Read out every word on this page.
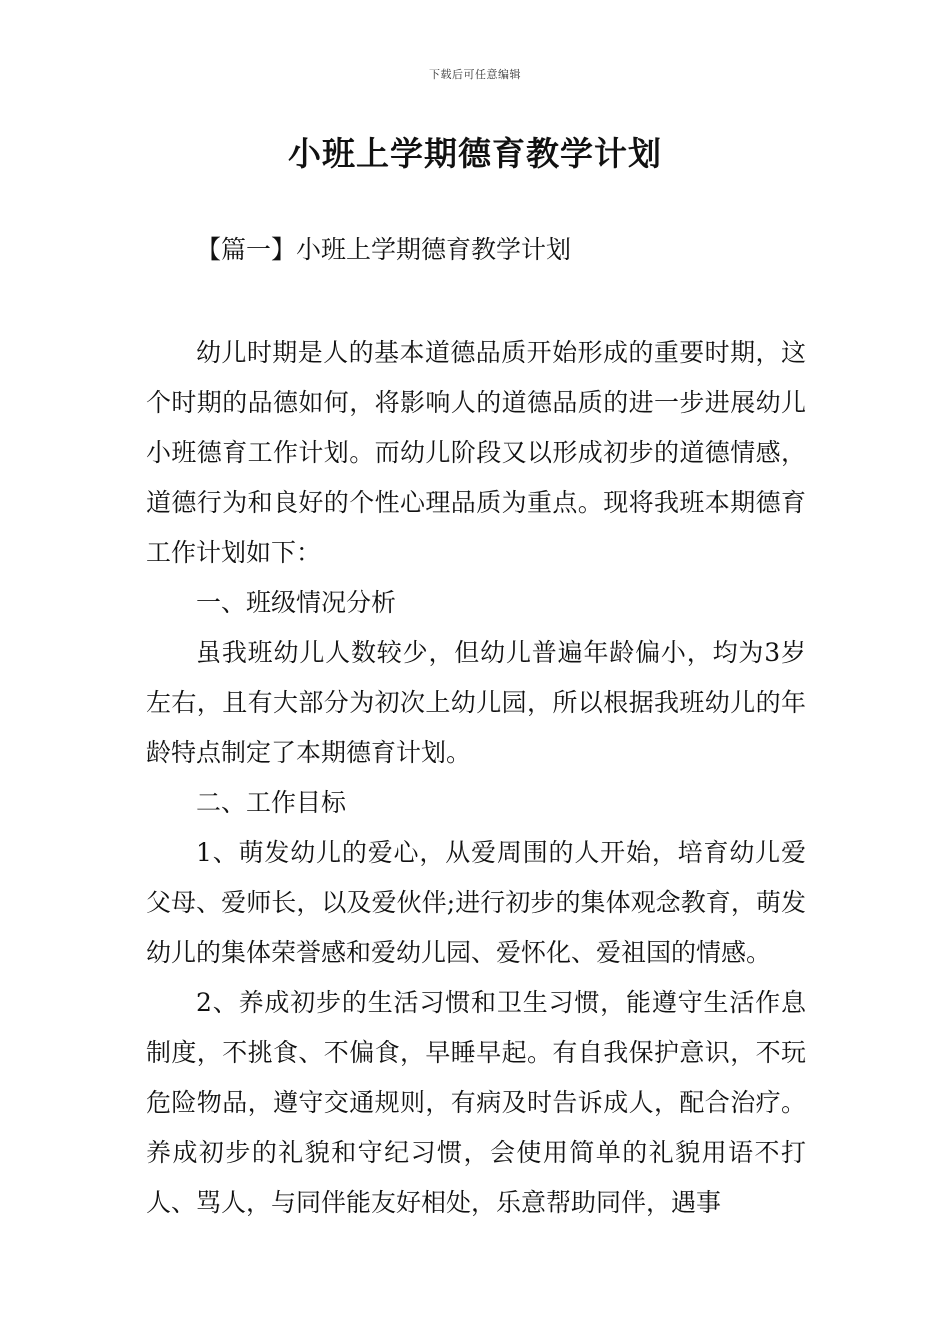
下载后可任意编辑
小班上学期德育教学计划
【篇一】小班上学期德育教学计划

幼儿时期是人的基本道德品质开始形成的重要时期，这个时期的品德如何，将影响人的道德品质的进一步进展幼儿小班德育工作计划。而幼儿阶段又以形成初步的道德情感，道德行为和良好的个性心理品质为重点。现将我班本期德育工作计划如下：

一、班级情况分析

虽我班幼儿人数较少，但幼儿普遍年龄偏小，均为3岁左右，且有大部分为初次上幼儿园，所以根据我班幼儿的年龄特点制定了本期德育计划。

二、工作目标

1、萌发幼儿的爱心，从爱周围的人开始，培育幼儿爱父母、爱师长，以及爱伙伴;进行初步的集体观念教育，萌发幼儿的集体荣誉感和爱幼儿园、爱怀化、爱祖国的情感。

2、养成初步的生活习惯和卫生习惯，能遵守生活作息制度，不挑食、不偏食，早睡早起。有自我保护意识，不玩危险物品，遵守交通规则，有病及时告诉成人，配合治疗。养成初步的礼貌和守纪习惯，会使用简单的礼貌用语不打人、骂人，与同伴能友好相处，乐意帮助同伴，遇事
